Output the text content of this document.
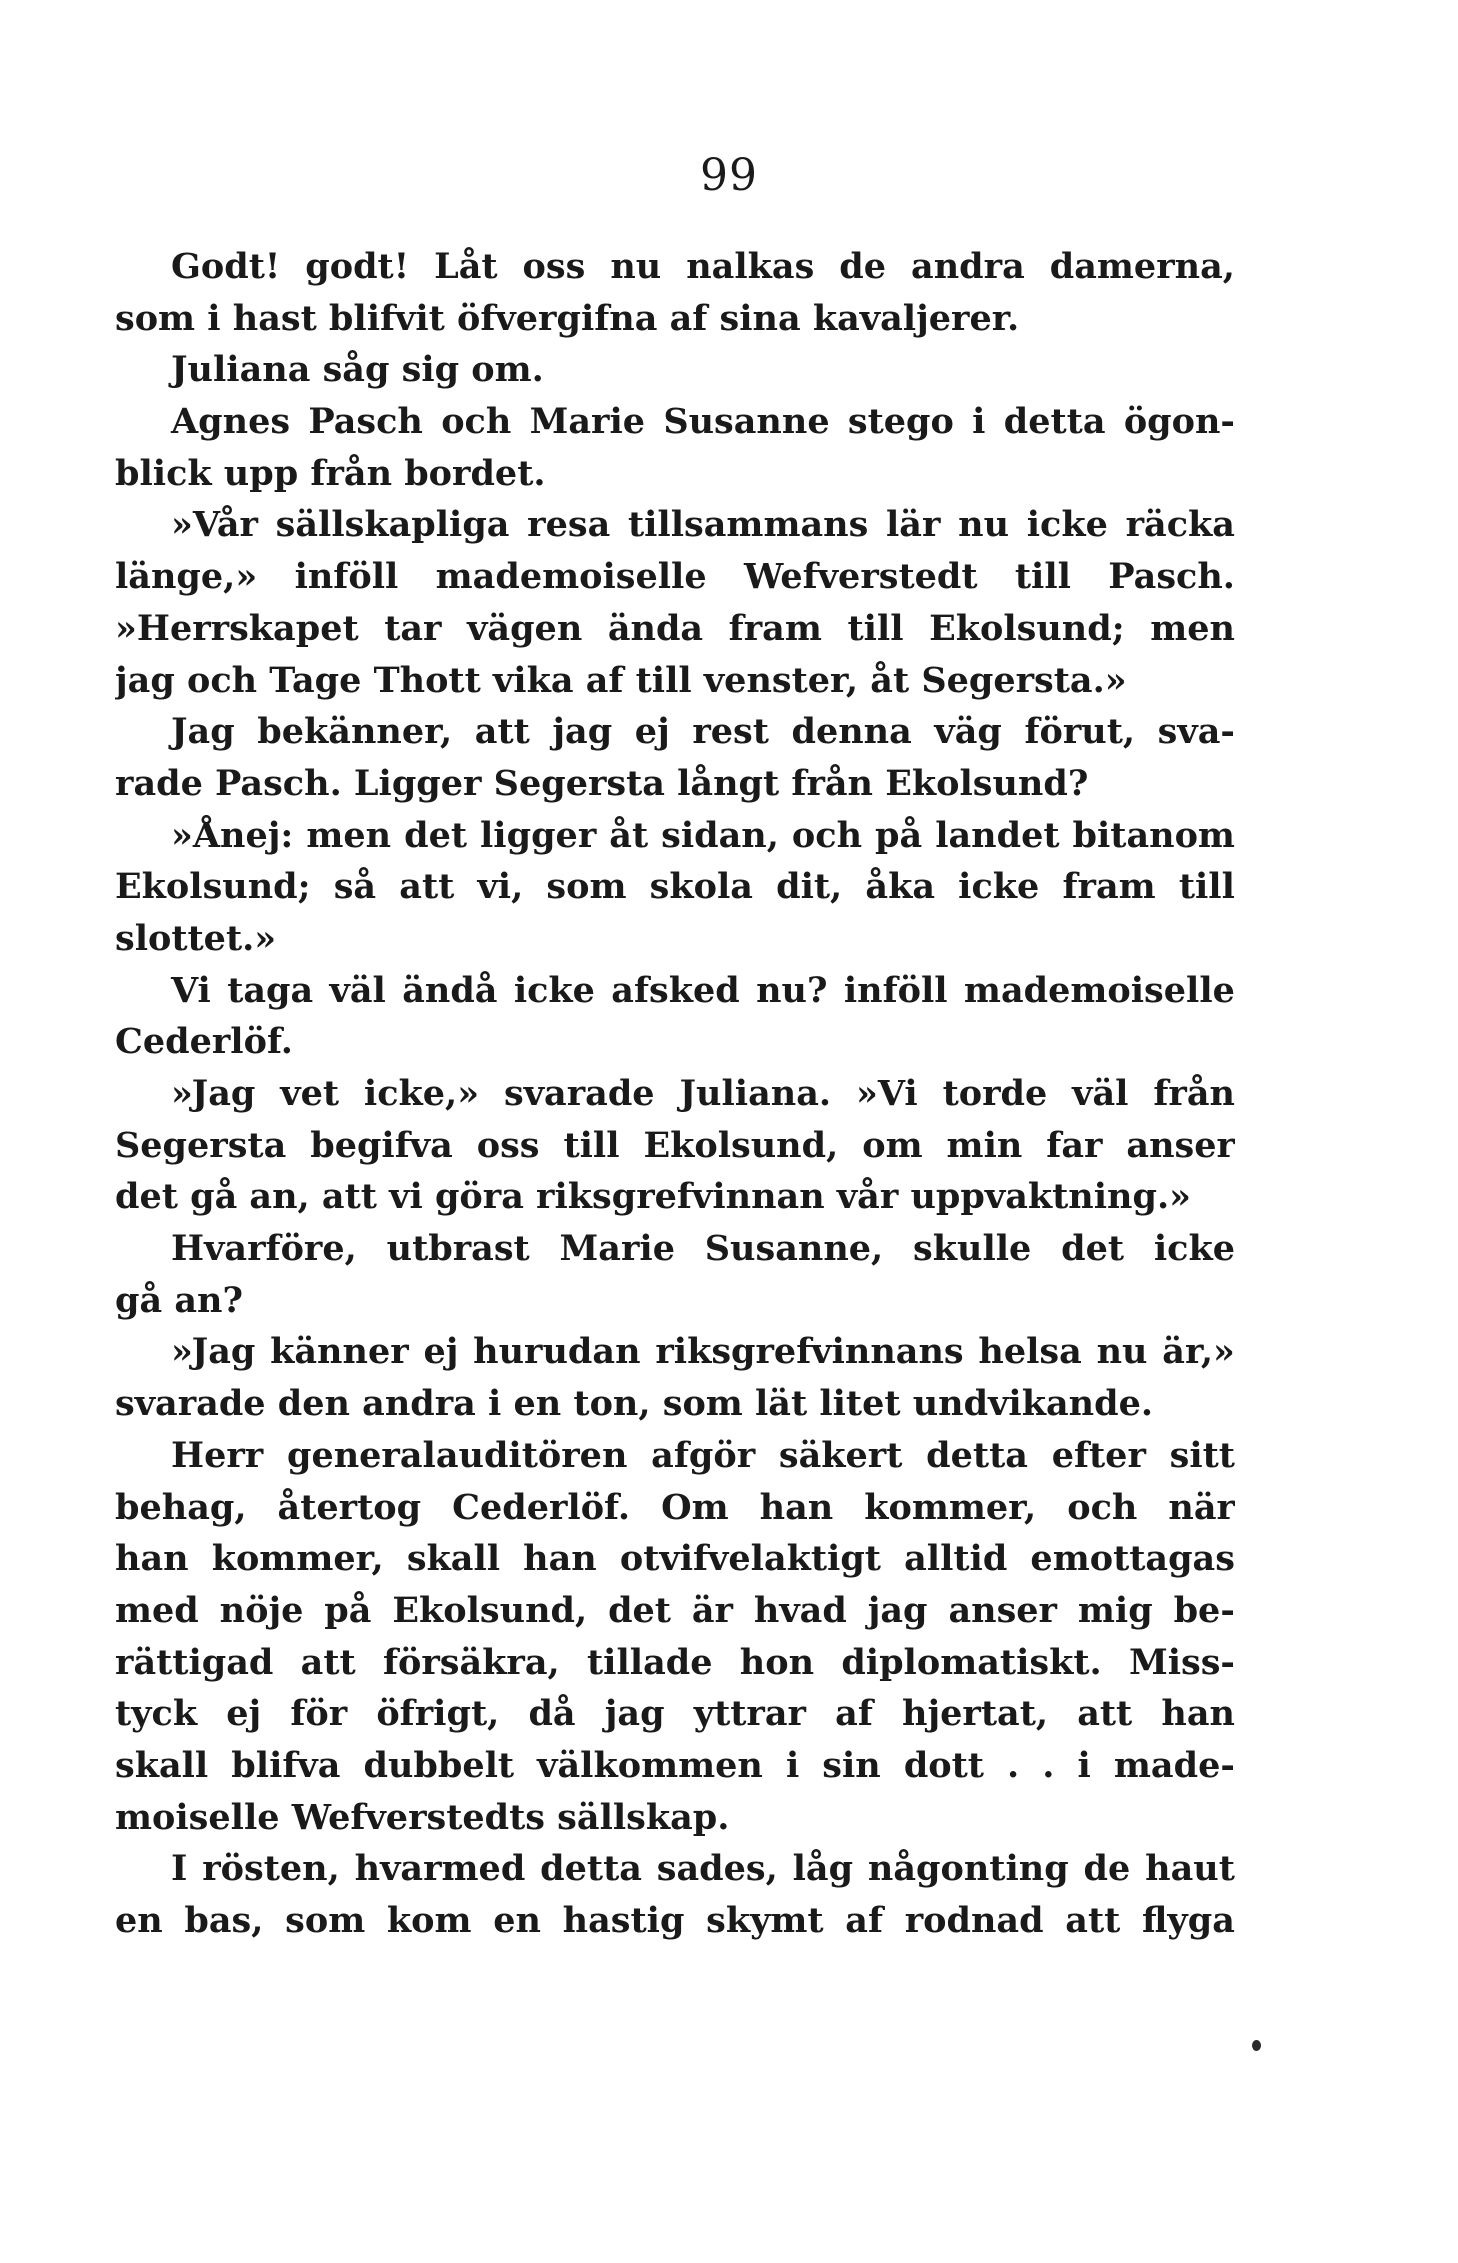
99
Godt! godt! Låt oss nu nalkas de andra damerna,
som i hast blifvit öfvergifna af sina kavaljerer.
Juliana såg sig om.
Agnes Pasch och Marie Susanne stego i detta ögon-
blick upp från bordet.
»Vår sällskapliga resa tillsammans lär nu icke räcka
länge,» inföll mademoiselle Wefverstedt till Pasch.
»Herrskapet tar vägen ända fram till Ekolsund; men
jag och Tage Thott vika af till venster, åt Segersta.»
Jag bekänner, att jag ej rest denna väg förut, sva-
rade Pasch. Ligger Segersta långt från Ekolsund?
»Ånej: men det ligger åt sidan, och på landet bitanom
Ekolsund; så att vi, som skola dit, åka icke fram till
slottet.»
Vi taga väl ändå icke afsked nu? inföll mademoiselle
Cederlöf.
»Jag vet icke,» svarade Juliana. »Vi torde väl från
Segersta begifva oss till Ekolsund, om min far anser
det gå an, att vi göra riksgrefvinnan vår uppvaktning.»
Hvarföre, utbrast Marie Susanne, skulle det icke
gå an?
»Jag känner ej hurudan riksgrefvinnans helsa nu är,»
svarade den andra i en ton, som lät litet undvikande.
Herr generalauditören afgör säkert detta efter sitt
behag, återtog Cederlöf. Om han kommer, och när
han kommer, skall han otvifvelaktigt alltid emottagas
med nöje på Ekolsund, det är hvad jag anser mig be-
rättigad att försäkra, tillade hon diplomatiskt. Miss-
tyck ej för öfrigt, då jag yttrar af hjertat, att han
skall blifva dubbelt välkommen i sin dott . . i made-
moiselle Wefverstedts sällskap.
I rösten, hvarmed detta sades, låg någonting de haut
en bas, som kom en hastig skymt af rodnad att flyga
